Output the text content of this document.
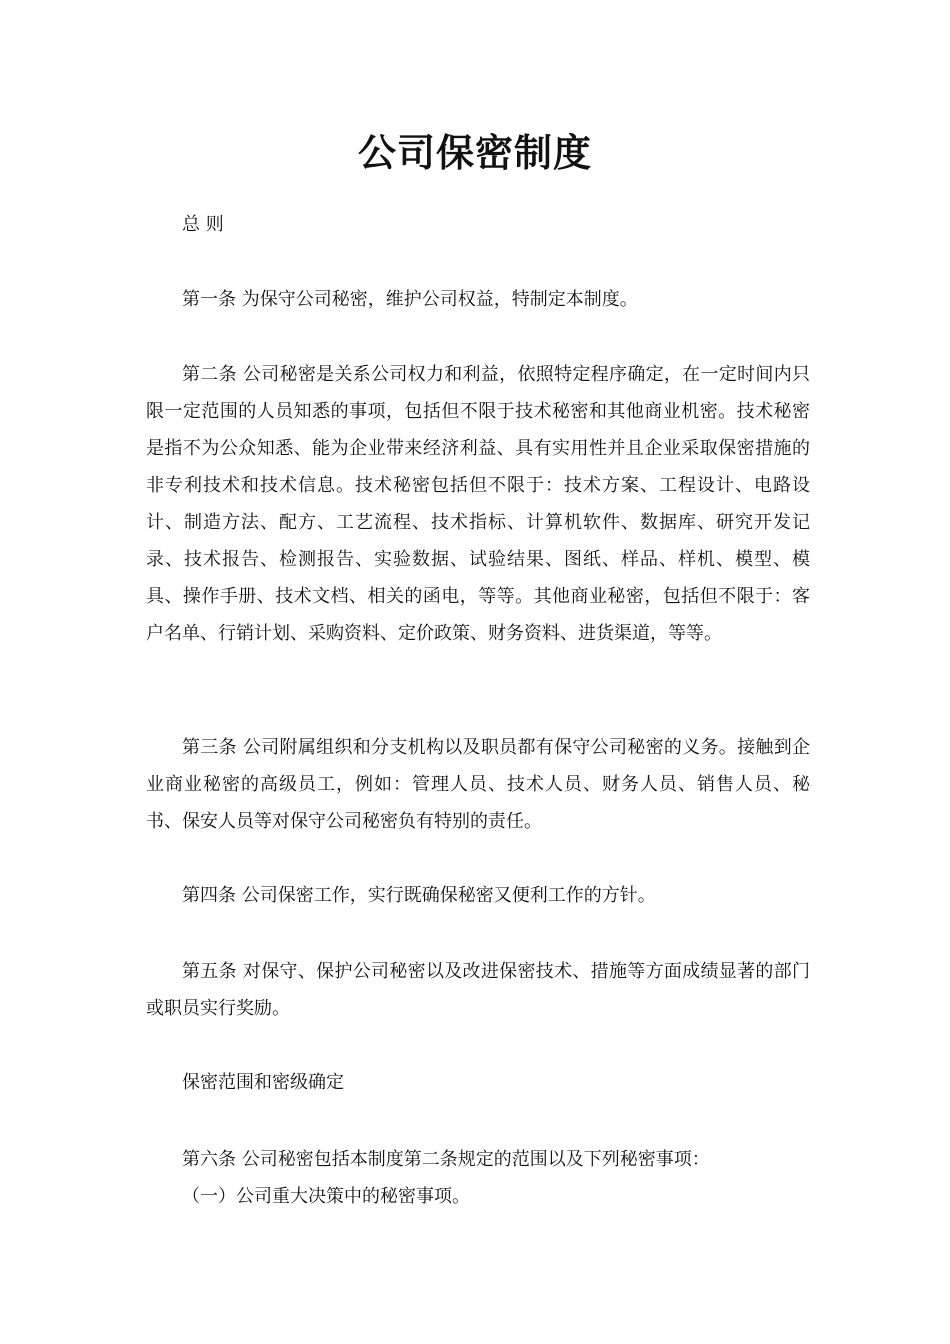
公司保密制度

总 则

第一条 为保守公司秘密，维护公司权益，特制定本制度。

第二条 公司秘密是关系公司权力和利益，依照特定程序确定，在一定时间内只限一定范围的人员知悉的事项，包括但不限于技术秘密和其他商业机密。技术秘密是指不为公众知悉、能为企业带来经济利益、具有实用性并且企业采取保密措施的非专利技术和技术信息。技术秘密包括但不限于：技术方案、工程设计、电路设计、制造方法、配方、工艺流程、技术指标、计算机软件、数据库、研究开发记录、技术报告、检测报告、实验数据、试验结果、图纸、样品、样机、模型、模具、操作手册、技术文档、相关的函电，等等。其他商业秘密，包括但不限于：客户名单、行销计划、采购资料、定价政策、财务资料、进货渠道，等等。

第三条 公司附属组织和分支机构以及职员都有保守公司秘密的义务。接触到企业商业秘密的高级员工，例如：管理人员、技术人员、财务人员、销售人员、秘书、保安人员等对保守公司秘密负有特别的责任。

第四条 公司保密工作，实行既确保秘密又便利工作的方针。

第五条 对保守、保护公司秘密以及改进保密技术、措施等方面成绩显著的部门或职员实行奖励。

保密范围和密级确定

第六条 公司秘密包括本制度第二条规定的范围以及下列秘密事项：

（一）公司重大决策中的秘密事项。
